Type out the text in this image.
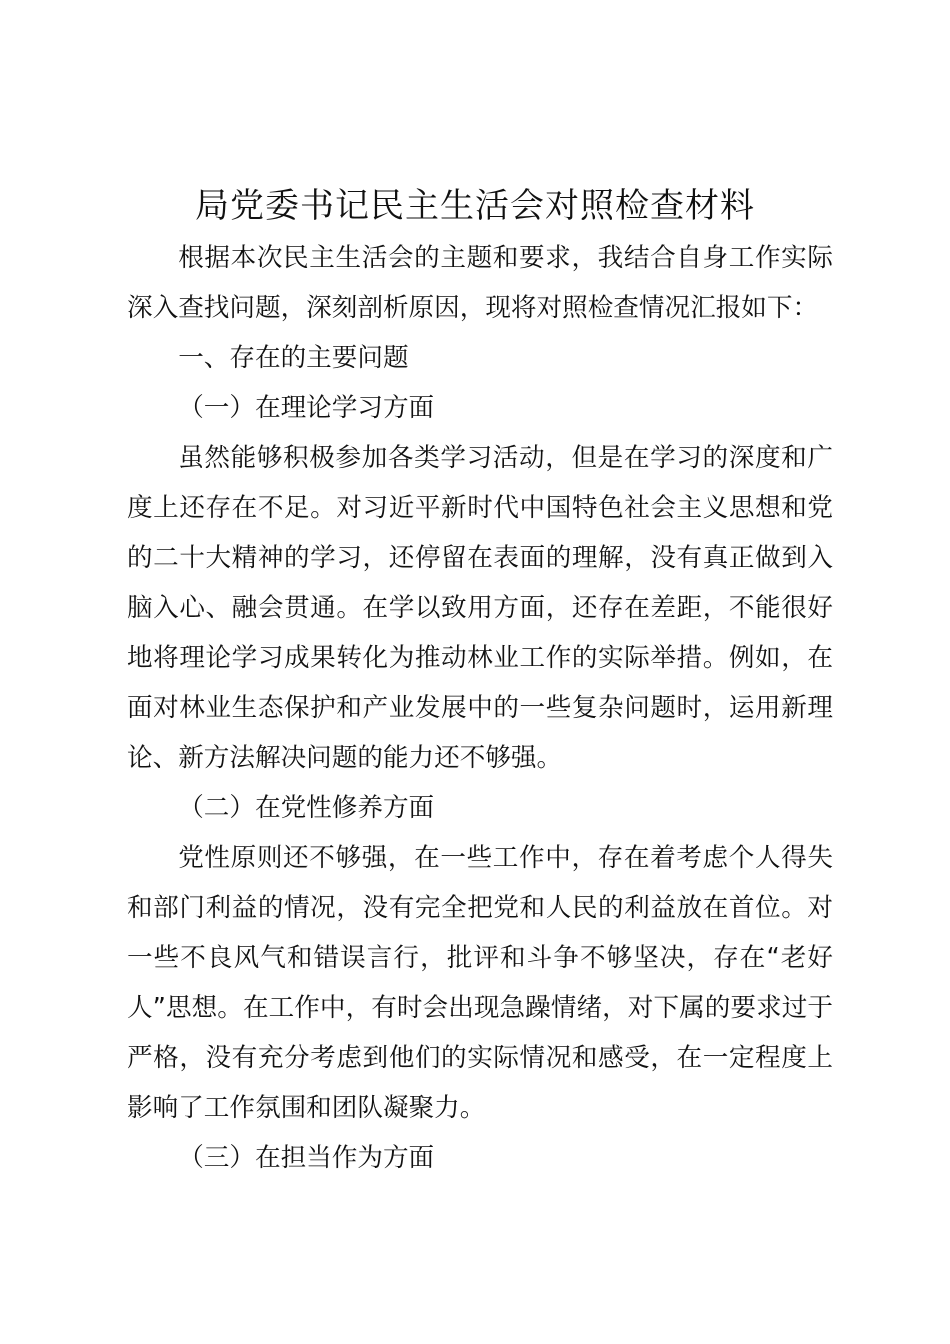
局党委书记民主生活会对照检查材料

根据本次民主生活会的主题和要求，我结合自身工作实际深入查找问题，深刻剖析原因，现将对照检查情况汇报如下：

一、存在的主要问题

（一）在理论学习方面

虽然能够积极参加各类学习活动，但是在学习的深度和广度上还存在不足。对习近平新时代中国特色社会主义思想和党的二十大精神的学习，还停留在表面的理解，没有真正做到入脑入心、融会贯通。在学以致用方面，还存在差距，不能很好地将理论学习成果转化为推动林业工作的实际举措。例如，在面对林业生态保护和产业发展中的一些复杂问题时，运用新理论、新方法解决问题的能力还不够强。

（二）在党性修养方面

党性原则还不够强，在一些工作中，存在着考虑个人得失和部门利益的情况，没有完全把党和人民的利益放在首位。对一些不良风气和错误言行，批评和斗争不够坚决，存在“老好人”思想。在工作中，有时会出现急躁情绪，对下属的要求过于严格，没有充分考虑到他们的实际情况和感受，在一定程度上影响了工作氛围和团队凝聚力。

（三）在担当作为方面
